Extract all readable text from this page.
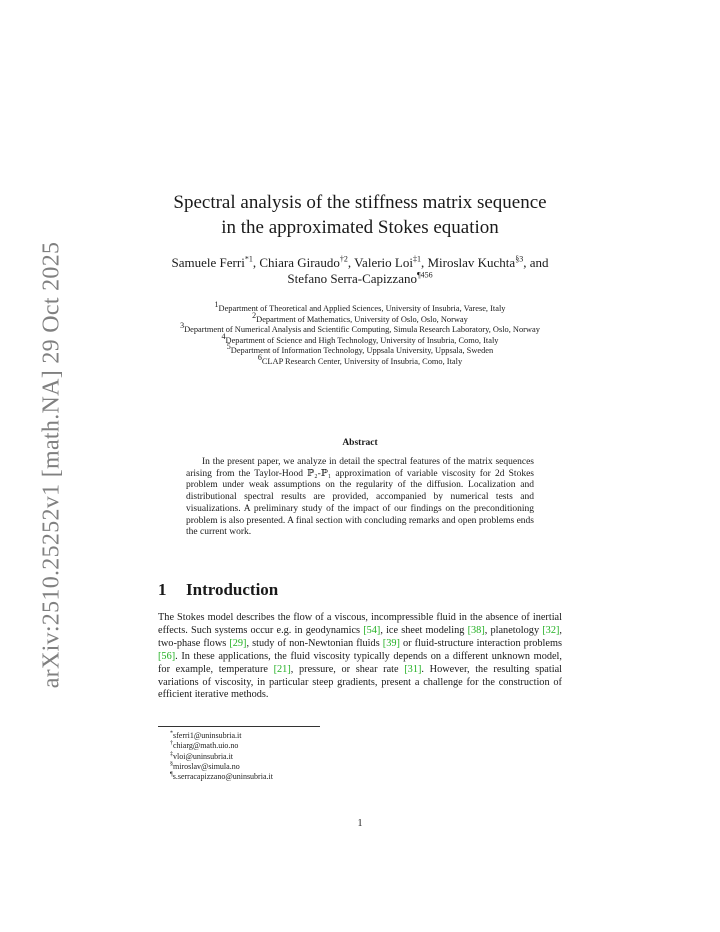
arXiv:2510.25252v1 [math.NA] 29 Oct 2025
Spectral analysis of the stiffness matrix sequence
in the approximated Stokes equation
Samuele Ferri$^{*1}$, Chiara Giraudo$^{\dagger 2}$, Valerio Loi$^{\ddagger 1}$, Miroslav Kuchta$^{\S 3}$, and Stefano Serra-Capizzano$^{\P 456}$
$^1$Department of Theoretical and Applied Sciences, University of Insubria, Varese, Italy
$^2$Department of Mathematics, University of Oslo, Oslo, Norway
$^3$Department of Numerical Analysis and Scientific Computing, Simula Research Laboratory, Oslo, Norway
$^4$Department of Science and High Technology, University of Insubria, Como, Italy
$^5$Department of Information Technology, Uppsala University, Uppsala, Sweden
$^6$CLAP Research Center, University of Insubria, Como, Italy
Abstract

In the present paper, we analyze in detail the spectral features of the matrix sequences arising from the Taylor-Hood ℙ₂-ℙ₁ approximation of variable viscosity for 2d Stokes problem under weak assumptions on the regularity of the diffusion. Localization and distributional spectral results are provided, accompanied by numerical tests and visualizations. A preliminary study of the impact of our findings on the preconditioning problem is also presented. A final section with concluding remarks and open problems ends the current work.

1 Introduction

The Stokes model describes the flow of a viscous, incompressible fluid in the absence of inertial effects. Such systems occur e.g. in geodynamics [54], ice sheet modeling [38], planetology [32], two-phase flows [29], study of non-Newtonian fluids [39] or fluid-structure interaction problems [56]. In these applications, the fluid viscosity typically depends on a different unknown model, for example, temperature [21], pressure, or shear rate [31]. However, the resulting spatial variations of viscosity, in particular steep gradients, present a challenge for the construction of efficient iterative methods.

*sferri1@uninsubria.it
†chiarg@math.uio.no
‡vloi@uninsubria.it
§miroslav@simula.no
¶s.serracapizzano@uninsubria.it
1
